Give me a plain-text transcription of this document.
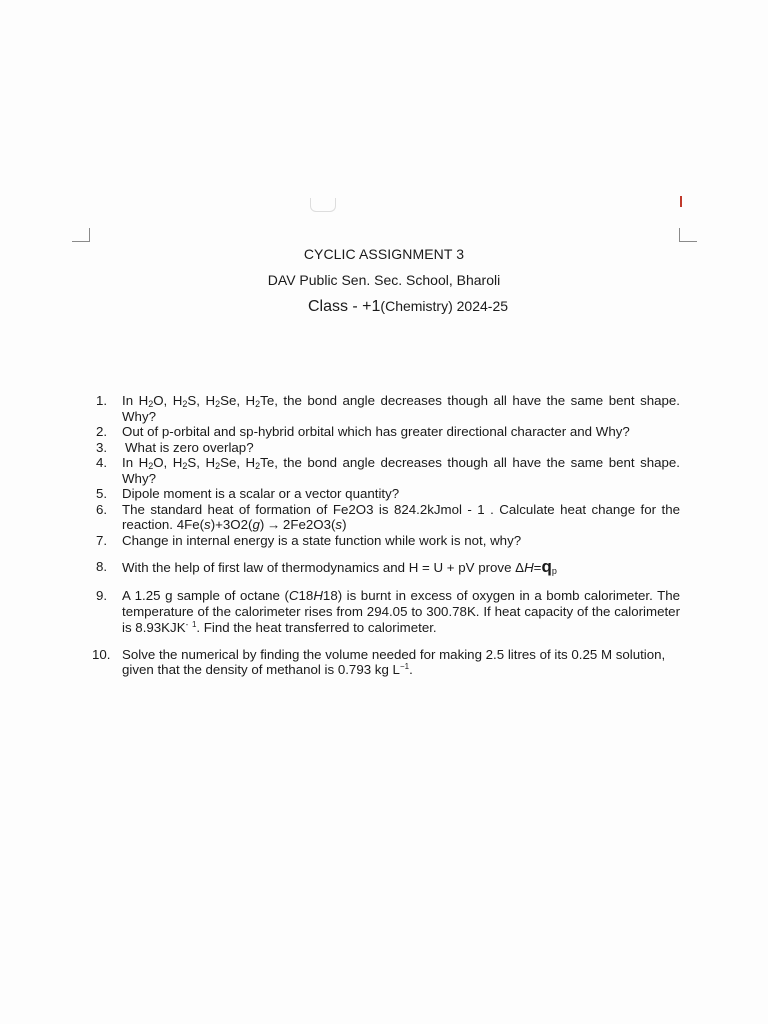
CYCLIC ASSIGNMENT 3
DAV Public Sen. Sec. School, Bharoli
Class - +1(Chemistry) 2024-25
1. In $H_2O$, $H_2S$, $H_2Se$, $H_2Te$, the bond angle decreases though all have the same bent shape. Why?
2. Out of p-orbital and sp-hybrid orbital which has greater directional character and Why?
3. What is zero overlap?
4. In $H_2O$, $H_2S$, $H_2Se$, $H_2Te$, the bond angle decreases though all have the same bent shape. Why?
5. Dipole moment is a scalar or a vector quantity?
6. The standard heat of formation of Fe2O3 is 824.2kJmol - 1 . Calculate heat change for the reaction. 4Fe(s)+3O2(g) → 2Fe2O3(s)
7. Change in internal energy is a state function while work is not, why?
8. With the help of first law of thermodynamics and H = U + pV prove $\Delta H=q_p$
9. A 1.25 g sample of octane (C18H18) is burnt in excess of oxygen in a bomb calorimeter. The temperature of the calorimeter rises from 294.05 to 300.78K. If heat capacity of the calorimeter is 8.93KJK- $^1$. Find the heat transferred to calorimeter.
10. Solve the numerical by finding the volume needed for making 2.5 litres of its 0.25 M solution, given that the density of methanol is 0.793 kg $L^{-1}$.
